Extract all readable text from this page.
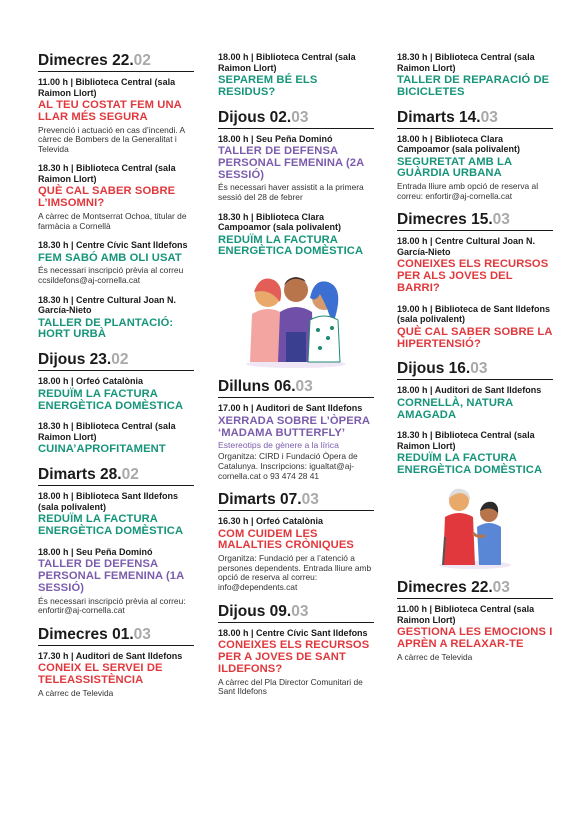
Dimecres 22.02
11.00 h | Biblioteca Central (sala Raimon Llort)
AL TEU COSTAT FEM UNA LLAR MÉS SEGURA
Prevenció i actuació en cas d’incendi. A càrrec de Bombers de la Generalitat i Televida
18.30 h | Biblioteca Central (sala Raimon Llort)
QUÈ CAL SABER SOBRE L’IMSOMNI?
A càrrec de Montserrat Ochoa, titular de farmàcia a Cornellà
18.30 h | Centre Cívic Sant Ildefons
FEM SABÓ AMB OLI USAT
És necessari inscripció prèvia al correu ccsildefons@aj-cornella.cat
18.30 h | Centre Cultural Joan N. García-Nieto
TALLER DE PLANTACIÓ: HORT URBÀ
Dijous 23.02
18.00 h | Orfeó Catalònia
REDUÏM LA FACTURA ENERGÈTICA DOMÈSTICA
18.30 h | Biblioteca Central (sala Raimon Llort)
CUINA’APROFITAMENT
Dimarts 28.02
18.00 h | Biblioteca Sant Ildefons (sala polivalent)
REDUÏM LA FACTURA ENERGÈTICA DOMÈSTICA
18.00 h | Seu Peña Dominó
TALLER DE DEFENSA PERSONAL FEMENINA (1A SESSIÓ)
És necessari inscripció prèvia al correu: enfortir@aj-cornella.cat
Dimecres 01.03
17.30 h | Auditori de Sant Ildefons
CONEIX EL SERVEI DE TELEASSISTÈNCIA
A càrrec de Televida
18.00 h | Biblioteca Central (sala Raimon Llort)
SEPAREM BÉ ELS RESIDUS?
Dijous 02.03
18.00 h | Seu Peña Dominó
TALLER DE DEFENSA PERSONAL FEMENINA (2A SESSIÓ)
És necessari haver assistit a la primera sessió del 28 de febrer
18.30 h | Biblioteca Clara Campoamor (sala polivalent)
REDUÏM LA FACTURA ENERGÈTICA DOMÈSTICA
Dilluns 06.03
17.00 h | Auditori de Sant Ildefons
XERRADA SOBRE L’ÒPERA ‘MADAMA BUTTERFLY’
Estereotips de gènere a la lírica
Organitza: CIRD i Fundació Òpera de Catalunya. Inscripcions: igualtat@aj-cornella.cat o 93 474 28 41
Dimarts 07.03
16.30 h | Orfeó Catalònia
COM CUIDEM LES MALALTIES CRÒNIQUES
Organitza: Fundació per a l’atenció a persones dependents. Entrada lliure amb opció de reserva al correu: info@dependents.cat
Dijous 09.03
18.00 h | Centre Cívic Sant Ildefons
CONEIXES ELS RECURSOS PER A JOVES DE SANT ILDEFONS?
A càrrec del Pla Director Comunitari de Sant Ildefons
18.30 h | Biblioteca Central (sala Raimon Llort)
TALLER DE REPARACIÓ DE BICICLETES
Dimarts 14.03
18.00 h | Biblioteca Clara Campoamor (sala polivalent)
SEGURETAT AMB LA GUÀRDIA URBANA
Entrada lliure amb opció de reserva al correu: enfortir@aj-cornella.cat
Dimecres 15.03
18.00 h | Centre Cultural Joan N. García-Nieto
CONEIXES ELS RECURSOS PER ALS JOVES DEL BARRI?
19.00 h | Biblioteca de Sant Ildefons (sala polivalent)
QUÈ CAL SABER SOBRE LA HIPERTENSIÓ?
Dijous 16.03
18.00 h | Auditori de Sant Ildefons
CORNELLÀ, NATURA AMAGADA
18.30 h | Biblioteca Central (sala Raimon Llort)
REDUÏM LA FACTURA ENERGÈTICA DOMÈSTICA
Dimecres 22.03
11.00 h | Biblioteca Central (sala Raimon Llort)
GESTIONA LES EMOCIONS I APRÈN A RELAXAR-TE
A càrrec de Televida
